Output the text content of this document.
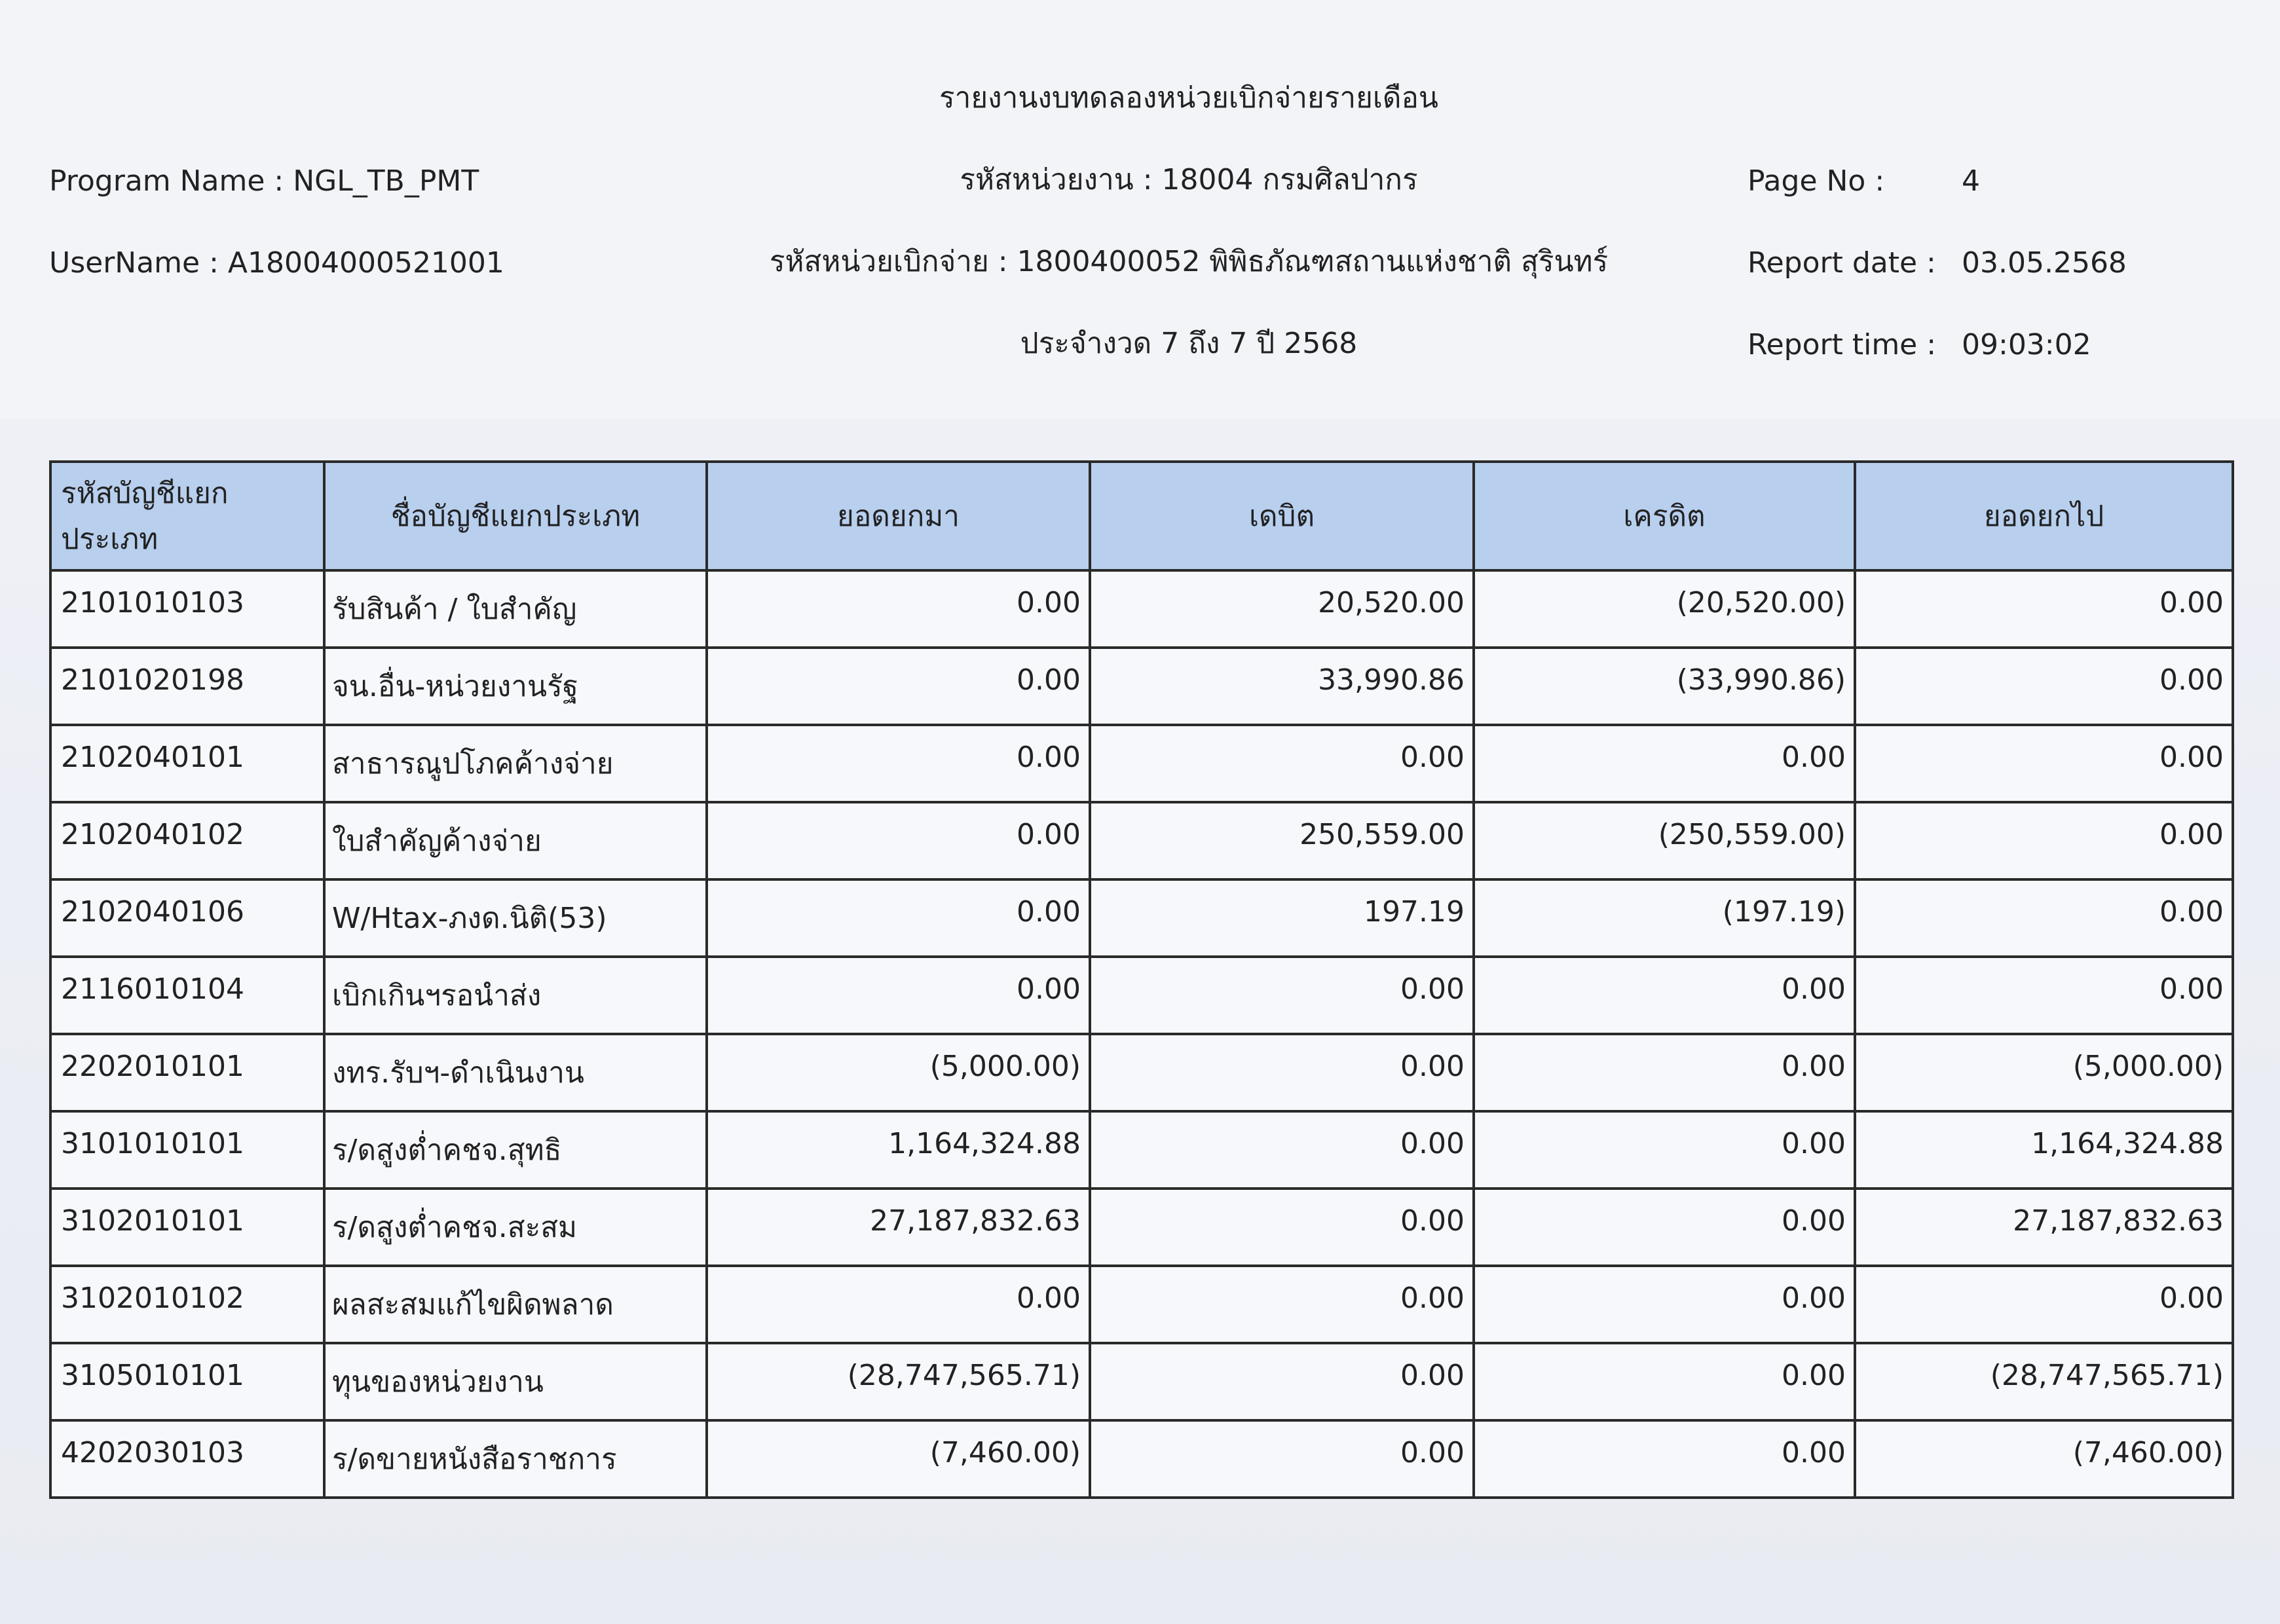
รายงานงบทดลองหน่วยเบิกจ่ายรายเดือน
รหัสหน่วยงาน : 18004 กรมศิลปากร
รหัสหน่วยเบิกจ่าย : 1800400052 พิพิธภัณฑสถานแห่งชาติ สุรินทร์
ประจำงวด 7 ถึง 7 ปี 2568
Program Name : NGL_TB_PMT
UserName : A18004000521001
Page No :	4
Report date : 03.05.2568
Report time : 09:03:02
รหัสบัญชีแยกประเภท	ชื่อบัญชีแยกประเภท	ยอดยกมา	เดบิต	เครดิต	ยอดยกไป
2101010103	รับสินค้า / ใบสำคัญ	0.00	20,520.00	(20,520.00)	0.00
2101020198	จน.อื่น-หน่วยงานรัฐ	0.00	33,990.86	(33,990.86)	0.00
2102040101	สาธารณูปโภคค้างจ่าย	0.00	0.00	0.00	0.00
2102040102	ใบสำคัญค้างจ่าย	0.00	250,559.00	(250,559.00)	0.00
2102040106	W/Htax-ภงด.นิติ(53)	0.00	197.19	(197.19)	0.00
2116010104	เบิกเกินฯรอนำส่ง	0.00	0.00	0.00	0.00
2202010101	งทร.รับฯ-ดำเนินงาน	(5,000.00)	0.00	0.00	(5,000.00)
3101010101	ร/ดสูงต่ำคชจ.สุทธิ	1,164,324.88	0.00	0.00	1,164,324.88
3102010101	ร/ดสูงต่ำคชจ.สะสม	27,187,832.63	0.00	0.00	27,187,832.63
3102010102	ผลสะสมแก้ไขผิดพลาด	0.00	0.00	0.00	0.00
3105010101	ทุนของหน่วยงาน	(28,747,565.71)	0.00	0.00	(28,747,565.71)
4202030103	ร/ดขายหนังสือราชการ	(7,460.00)	0.00	0.00	(7,460.00)
